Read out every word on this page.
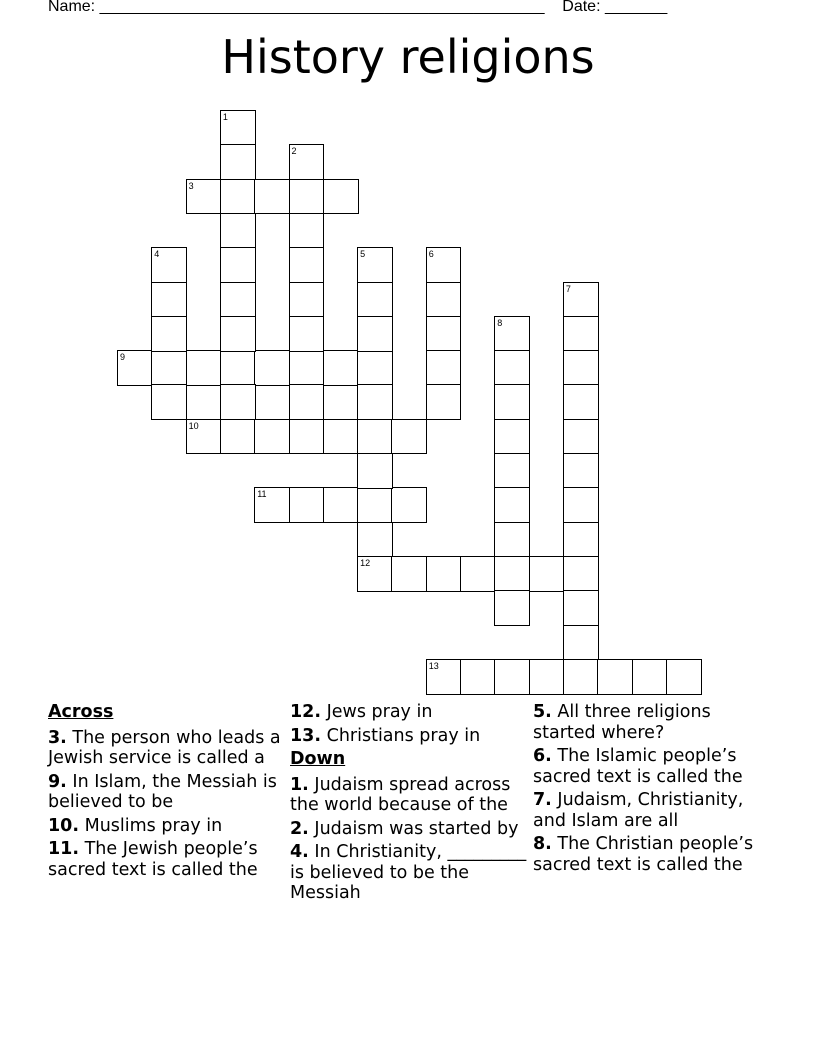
Name: __________________________________________________ Date: _______
History religions
3
9
10
11
12
13
1
2
4	5	6
7
8
Across
3. The person who leads a Jewish service is called a
9. In Islam, the Messiah is believed to be
10. Muslims pray in
11. The Jewish people’s sacred text is called the
12. Jews pray in
13. Christians pray in
Down
1. Judaism spread across the world because of the
2. Judaism was started by
4. In Christianity, _________ is believed to be the Messiah
5. All three religions started where?
6. The Islamic people’s sacred text is called the
7. Judaism, Christianity, and Islam are all
8. The Christian people’s sacred text is called the
